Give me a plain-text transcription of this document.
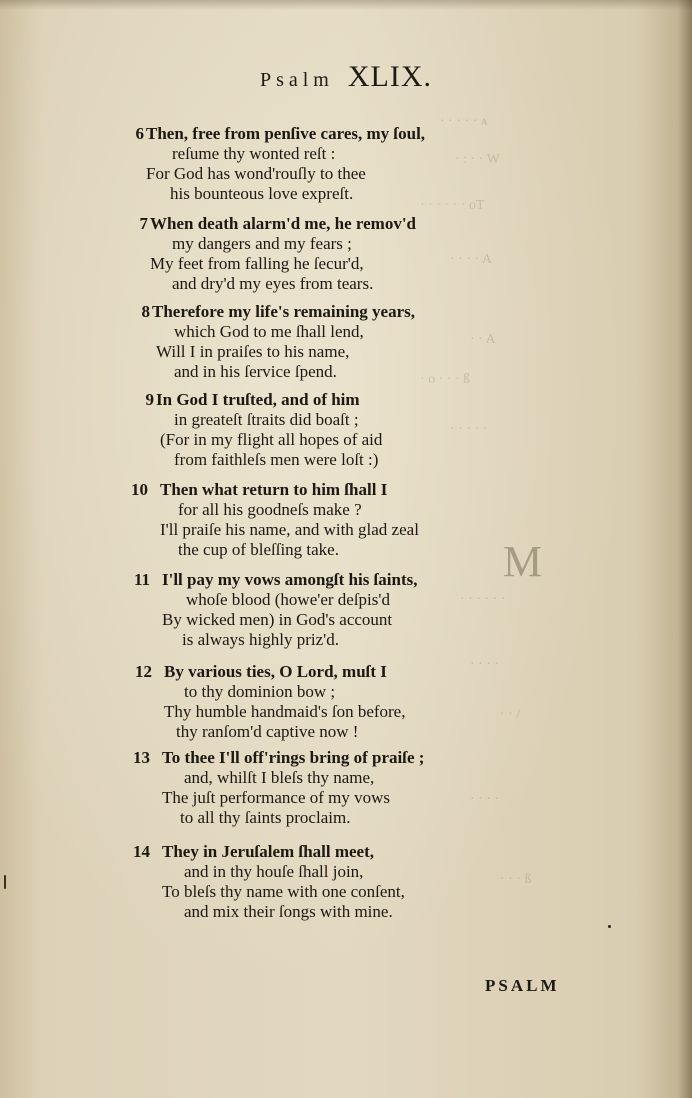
· · · · · ᴀ
· : · · W
· · · · · · oT
· · · · A
· · A
· ᴏ · · · ß
· · · · ·
· · · · · ·
· · · ·
· · /
· · · ·
· · · ß
M
Psalm XLIX.
6 Then, free from penſive cares, my ſoul,
reſume thy wonted reſt :
For God has wond'rouſly to thee
his bounteous love expreſt.
7 When death alarm'd me, he remov'd
my dangers and my fears ;
My feet from falling he ſecur'd,
and dry'd my eyes from tears.
8 Therefore my life's remaining years,
which God to me ſhall lend,
Will I in praiſes to his name,
and in his ſervice ſpend.
9 In God I truſted, and of him
in greateſt ſtraits did boaſt ;
(For in my flight all hopes of aid
from faithleſs men were loſt :)
10 Then what return to him ſhall I
for all his goodneſs make ?
I'll praiſe his name, and with glad zeal
the cup of bleſſing take.
11 I'll pay my vows amongſt his ſaints,
whoſe blood (howe'er deſpis'd
By wicked men) in God's account
is always highly priz'd.
12 By various ties, O Lord, muſt I
to thy dominion bow ;
Thy humble handmaid's ſon before,
thy ranſom'd captive now !
13 To thee I'll off'rings bring of praiſe ;
and, whilſt I bleſs thy name,
The juſt performance of my vows
to all thy ſaints proclaim.
14 They in Jeruſalem ſhall meet,
and in thy houſe ſhall join,
To bleſs thy name with one conſent,
and mix their ſongs with mine.
PSALM
